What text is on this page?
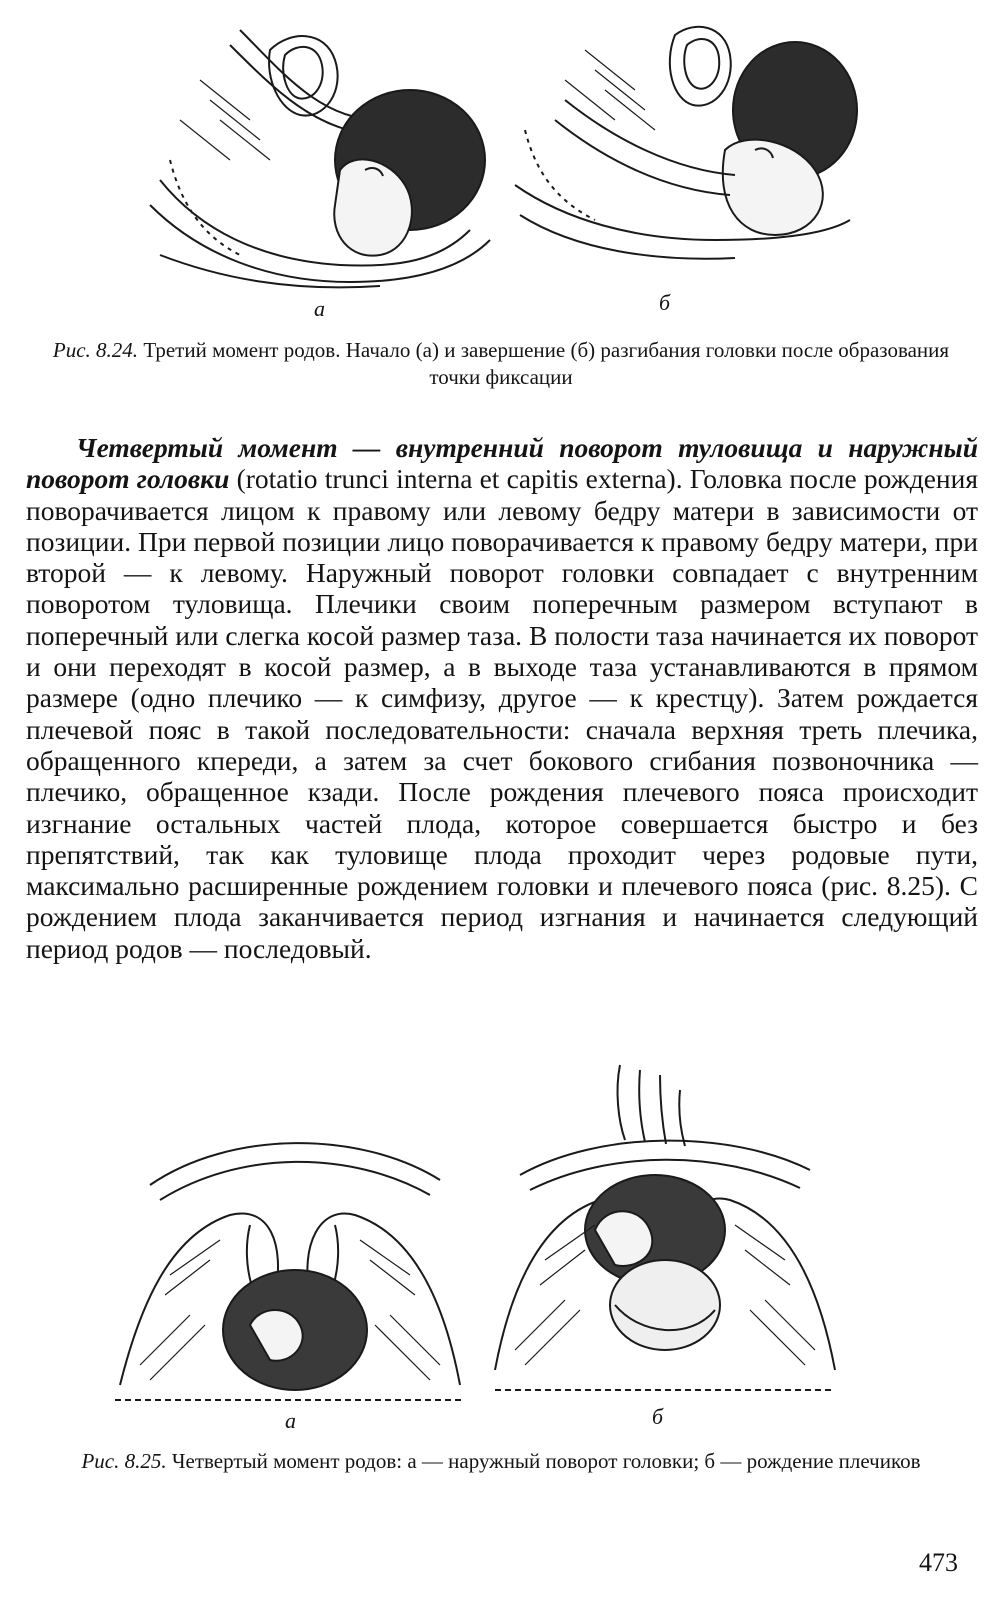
a	б
Рис. 8.24. Третий момент родов. Начало (а) и завершение (б) разгибания головки после образования точки фиксации
Четвертый момент — внутренний поворот туловища и наружный поворот головки (rotatio trunci interna et capitis externa). Головка после рождения поворачивается лицом к правому или левому бедру матери в зависимости от позиции. При первой позиции лицо поворачивается к правому бедру матери, при второй — к левому. Наружный поворот головки совпадает с внутренним поворотом туловища. Плечики своим поперечным размером вступают в поперечный или слегка косой размер таза. В полости таза начинается их поворот и они переходят в косой размер, а в выходе таза устанавливаются в прямом размере (одно плечико — к симфизу, другое — к крестцу). Затем рождается плечевой пояс в такой последовательности: сначала верхняя треть плечика, обращенного кпереди, а затем за счет бокового сгибания позвоночника — плечико, обращенное кзади. После рождения плечевого пояса происходит изгнание остальных частей плода, которое совершается быстро и без препятствий, так как туловище плода проходит через родовые пути, максимально расширенные рождением головки и плечевого пояса (рис. 8.25). С рождением плода заканчивается период изгнания и начинается следующий период родов — последовый.
а	б
Рис. 8.25. Четвертый момент родов: а — наружный поворот головки; б — рождение плечиков
473
